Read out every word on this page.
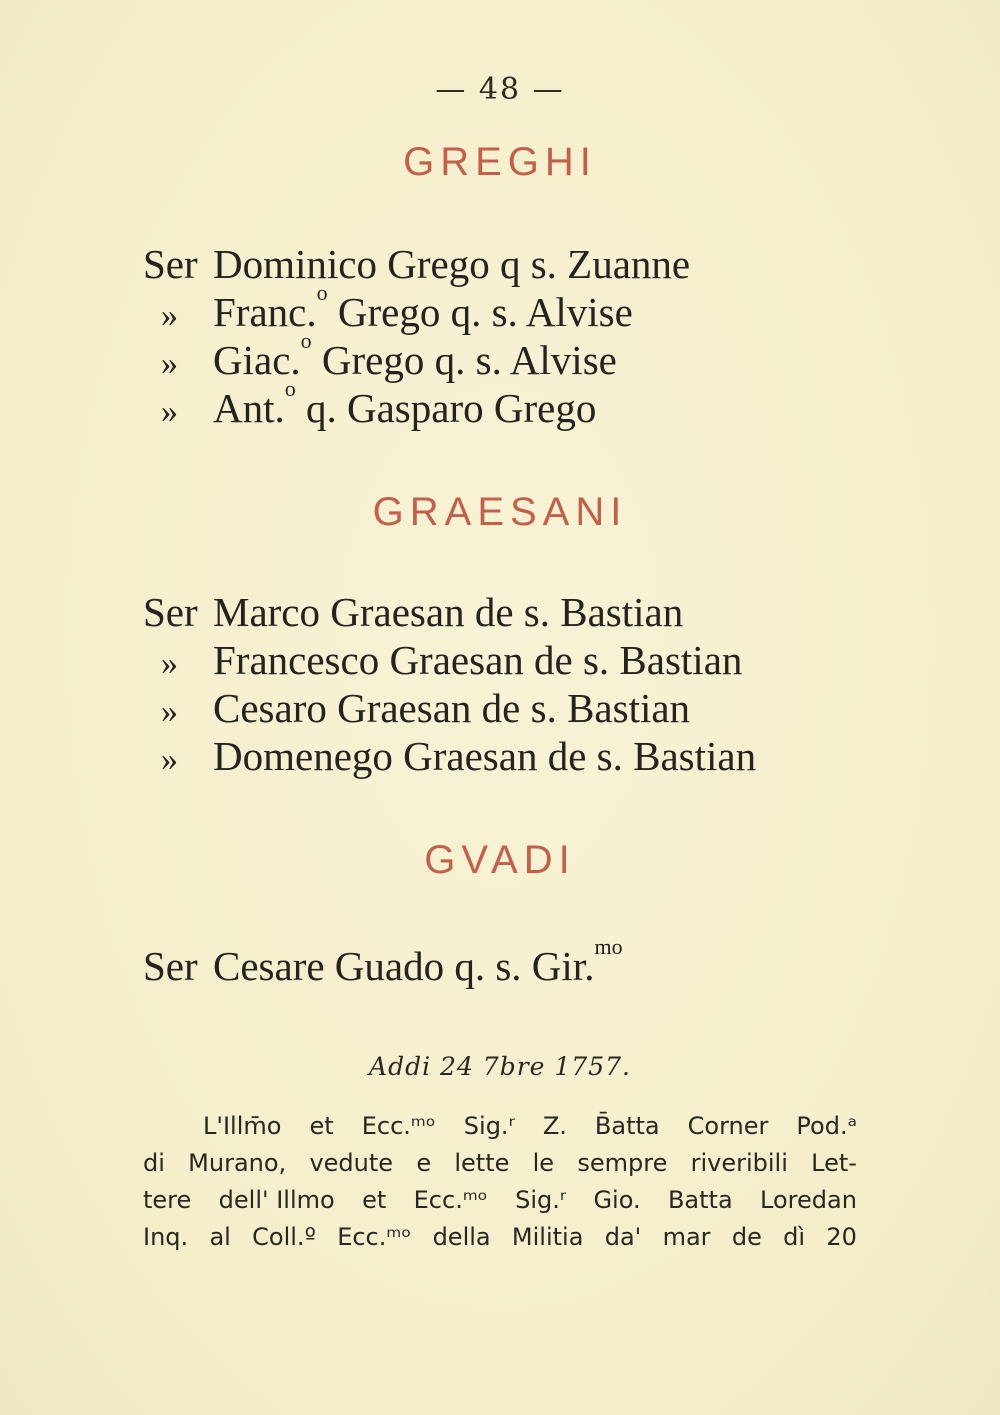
— 48 —
GREGHI
Ser Dominico Grego q s. Zuanne
» Franc.$^o$ Grego q. s. Alvise
» Giac.$^o$ Grego q. s. Alvise
» Ant.$^o$ q. Gasparo Grego
GRAESANI
Ser Marco Graesan de s. Bastian
» Francesco Graesan de s. Bastian
» Cesaro Graesan de s. Bastian
» Domenego Graesan de s. Bastian
GVADI
Ser Cesare Guado q. s. Gir.$^{mo}$
Addi 24 7bre 1757.
L'Illm̄o et Ecc.ᵐᵒ Sig.ʳ Z. B̄atta Corner Pod.ᵃ
di Murano, vedute e lette le sempre riveribili Let-
tere dell' Illmo et Ecc.ᵐᵒ Sig.ʳ Gio. Batta Loredan
Inq. al Coll.º Ecc.ᵐᵒ della Militia da' mar de dì 20
